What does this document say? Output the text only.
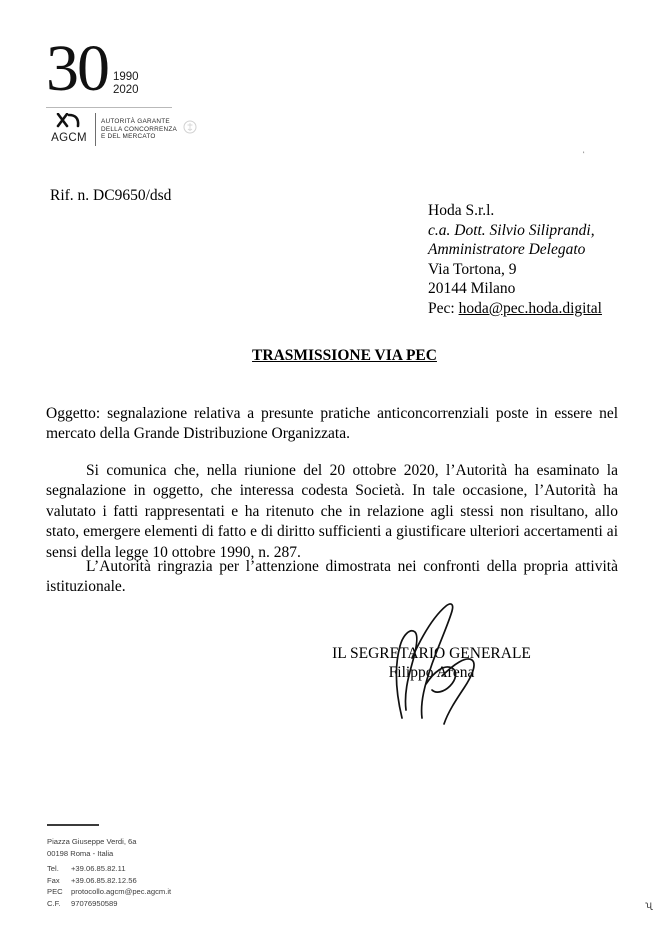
30 1990
2020
AGCM
AUTORITÀ GARANTE
DELLA CONCORRENZA
E DEL MERCATO
Rif. n. DC9650/dsd
Hoda S.r.l.
c.a. Dott. Silvio Siliprandi,
Amministratore Delegato
Via Tortona, 9
20144 Milano
Pec: hoda@pec.hoda.digital
TRASMISSIONE VIA PEC
Oggetto: segnalazione relativa a presunte pratiche anticoncorrenziali poste in essere nel mercato della Grande Distribuzione Organizzata.
Si comunica che, nella riunione del 20 ottobre 2020, l’Autorità ha esaminato la segnalazione in oggetto, che interessa codesta Società. In tale occasione, l’Autorità ha valutato i fatti rappresentati e ha ritenuto che in relazione agli stessi non risultano, allo stato, emergere elementi di fatto e di diritto sufficienti a giustificare ulteriori accertamenti ai sensi della legge 10 ottobre 1990, n. 287.
L’Autorità ringrazia per l’attenzione dimostrata nei confronti della propria attività istituzionale.
IL SEGRETARIO GENERALE
Filippo Arena
Piazza Giuseppe Verdi, 6a
00198 Roma - Italia
Tel.	+39.06.85.82.11
Fax	+39.06.85.82.12.56
PEC	protocollo.agcm@pec.agcm.it
C.F.	97076950589
ʻ
ʯ
